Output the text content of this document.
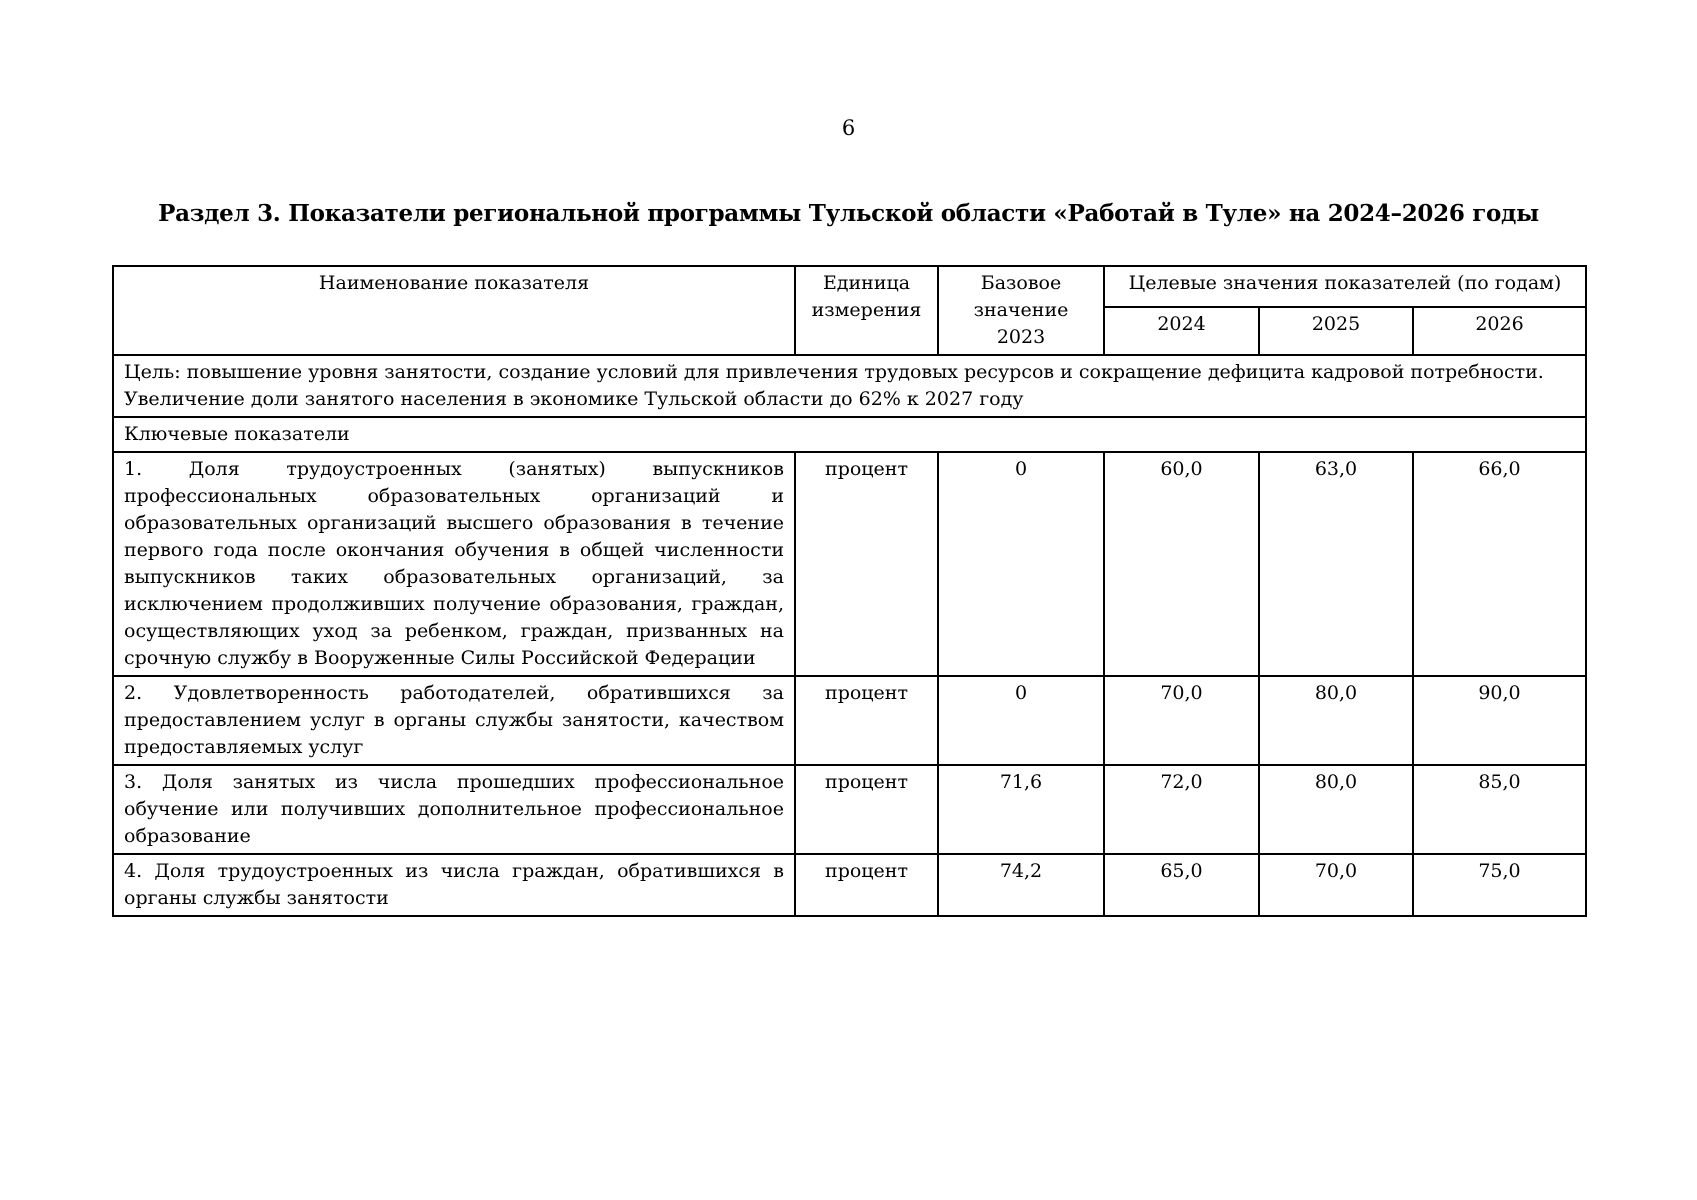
6
Раздел 3. Показатели региональной программы Тульской области «Работай в Туле» на 2024–2026 годы
Наименование показателя	Единица измерения	Базовое значение 2023	Целевые значения показателей (по годам)		
			2024	2025	2026
Цель: повышение уровня занятости, создание условий для привлечения трудовых ресурсов и сокращение дефицита кадровой потребности. Увеличение доли занятого населения в экономике Тульской области до 62% к 2027 году					
Ключевые показатели					
1. Доля трудоустроенных (занятых) выпускников профессиональных образовательных организаций и образовательных организаций высшего образования в течение первого года после окончания обучения в общей численности выпускников таких образовательных организаций, за исключением продолживших получение образования, граждан, осуществляющих уход за ребенком, граждан, призванных на срочную службу в Вооруженные Силы Российской Федерации	процент	0	60,0	63,0	66,0
2. Удовлетворенность работодателей, обратившихся за предоставлением услуг в органы службы занятости, качеством предоставляемых услуг	процент	0	70,0	80,0	90,0
3. Доля занятых из числа прошедших профессиональное обучение или получивших дополнительное профессиональное образование	процент	71,6	72,0	80,0	85,0
4. Доля трудоустроенных из числа граждан, обратившихся в органы службы занятости	процент	74,2	65,0	70,0	75,0
